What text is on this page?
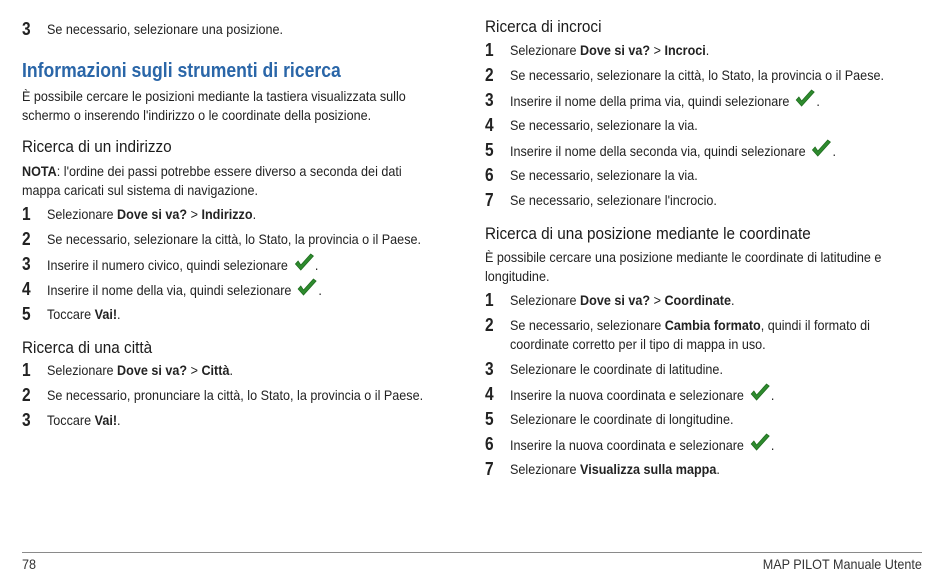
3 Se necessario, selezionare una posizione.
Informazioni sugli strumenti di ricerca
È possibile cercare le posizioni mediante la tastiera visualizzata sullo
schermo o inserendo l'indirizzo o le coordinate della posizione.
Ricerca di un indirizzo
NOTA: l'ordine dei passi potrebbe essere diverso a seconda dei dati
mappa caricati sul sistema di navigazione.
1 Selezionare Dove si va? > Indirizzo.
2 Se necessario, selezionare la città, lo Stato, la provincia o il Paese.
3 Inserire il numero civico, quindi selezionare .
4 Inserire il nome della via, quindi selezionare .
5 Toccare Vai!.
Ricerca di una città
1 Selezionare Dove si va? > Città.
2 Se necessario, pronunciare la città, lo Stato, la provincia o il Paese.
3 Toccare Vai!.
Ricerca di incroci
1 Selezionare Dove si va? > Incroci.
2 Se necessario, selezionare la città, lo Stato, la provincia o il Paese.
3 Inserire il nome della prima via, quindi selezionare .
4 Se necessario, selezionare la via.
5 Inserire il nome della seconda via, quindi selezionare .
6 Se necessario, selezionare la via.
7 Se necessario, selezionare l'incrocio.
Ricerca di una posizione mediante le coordinate
È possibile cercare una posizione mediante le coordinate di latitudine e
longitudine.
1 Selezionare Dove si va? > Coordinate.
2 Se necessario, selezionare Cambia formato, quindi il formato di
coordinate corretto per il tipo di mappa in uso.
3 Selezionare le coordinate di latitudine.
4 Inserire la nuova coordinata e selezionare .
5 Selezionare le coordinate di longitudine.
6 Inserire la nuova coordinata e selezionare .
7 Selezionare Visualizza sulla mappa.
78	MAP PILOT Manuale Utente
